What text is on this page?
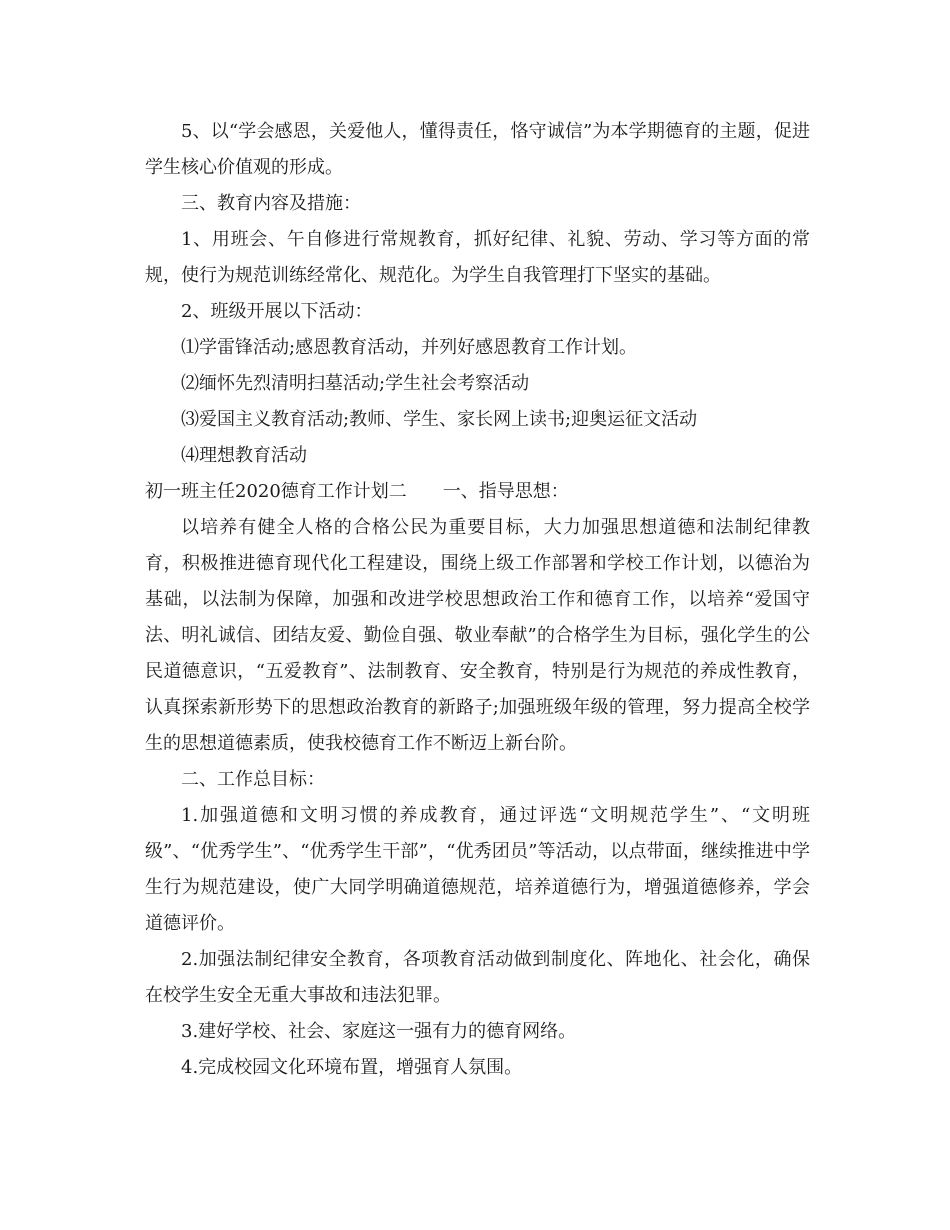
5、以“学会感恩，关爱他人，懂得责任，恪守诚信”为本学期德育的主题，促进学生核心价值观的形成。

三、教育内容及措施：

1、用班会、午自修进行常规教育，抓好纪律、礼貌、劳动、学习等方面的常规，使行为规范训练经常化、规范化。为学生自我管理打下坚实的基础。

2、班级开展以下活动：

⑴学雷锋活动;感恩教育活动，并列好感恩教育工作计划。

⑵缅怀先烈清明扫墓活动;学生社会考察活动

⑶爱国主义教育活动;教师、学生、家长网上读书;迎奥运征文活动

⑷理想教育活动

初一班主任2020德育工作计划二　　一、指导思想：

以培养有健全人格的合格公民为重要目标，大力加强思想道德和法制纪律教育，积极推进德育现代化工程建设，围绕上级工作部署和学校工作计划，以德治为基础，以法制为保障，加强和改进学校思想政治工作和德育工作，以培养“爱国守法、明礼诚信、团结友爱、勤俭自强、敬业奉献”的合格学生为目标，强化学生的公民道德意识，“五爱教育”、法制教育、安全教育，特别是行为规范的养成性教育，认真探索新形势下的思想政治教育的新路子;加强班级年级的管理，努力提高全校学生的思想道德素质，使我校德育工作不断迈上新台阶。

二、工作总目标：

1.加强道德和文明习惯的养成教育，通过评选“文明规范学生”、“文明班级”、“优秀学生”、“优秀学生干部”，“优秀团员”等活动，以点带面，继续推进中学生行为规范建设，使广大同学明确道德规范，培养道德行为，增强道德修养，学会道德评价。

2.加强法制纪律安全教育，各项教育活动做到制度化、阵地化、社会化，确保在校学生安全无重大事故和违法犯罪。

3.建好学校、社会、家庭这一强有力的德育网络。

4.完成校园文化环境布置，增强育人氛围。
